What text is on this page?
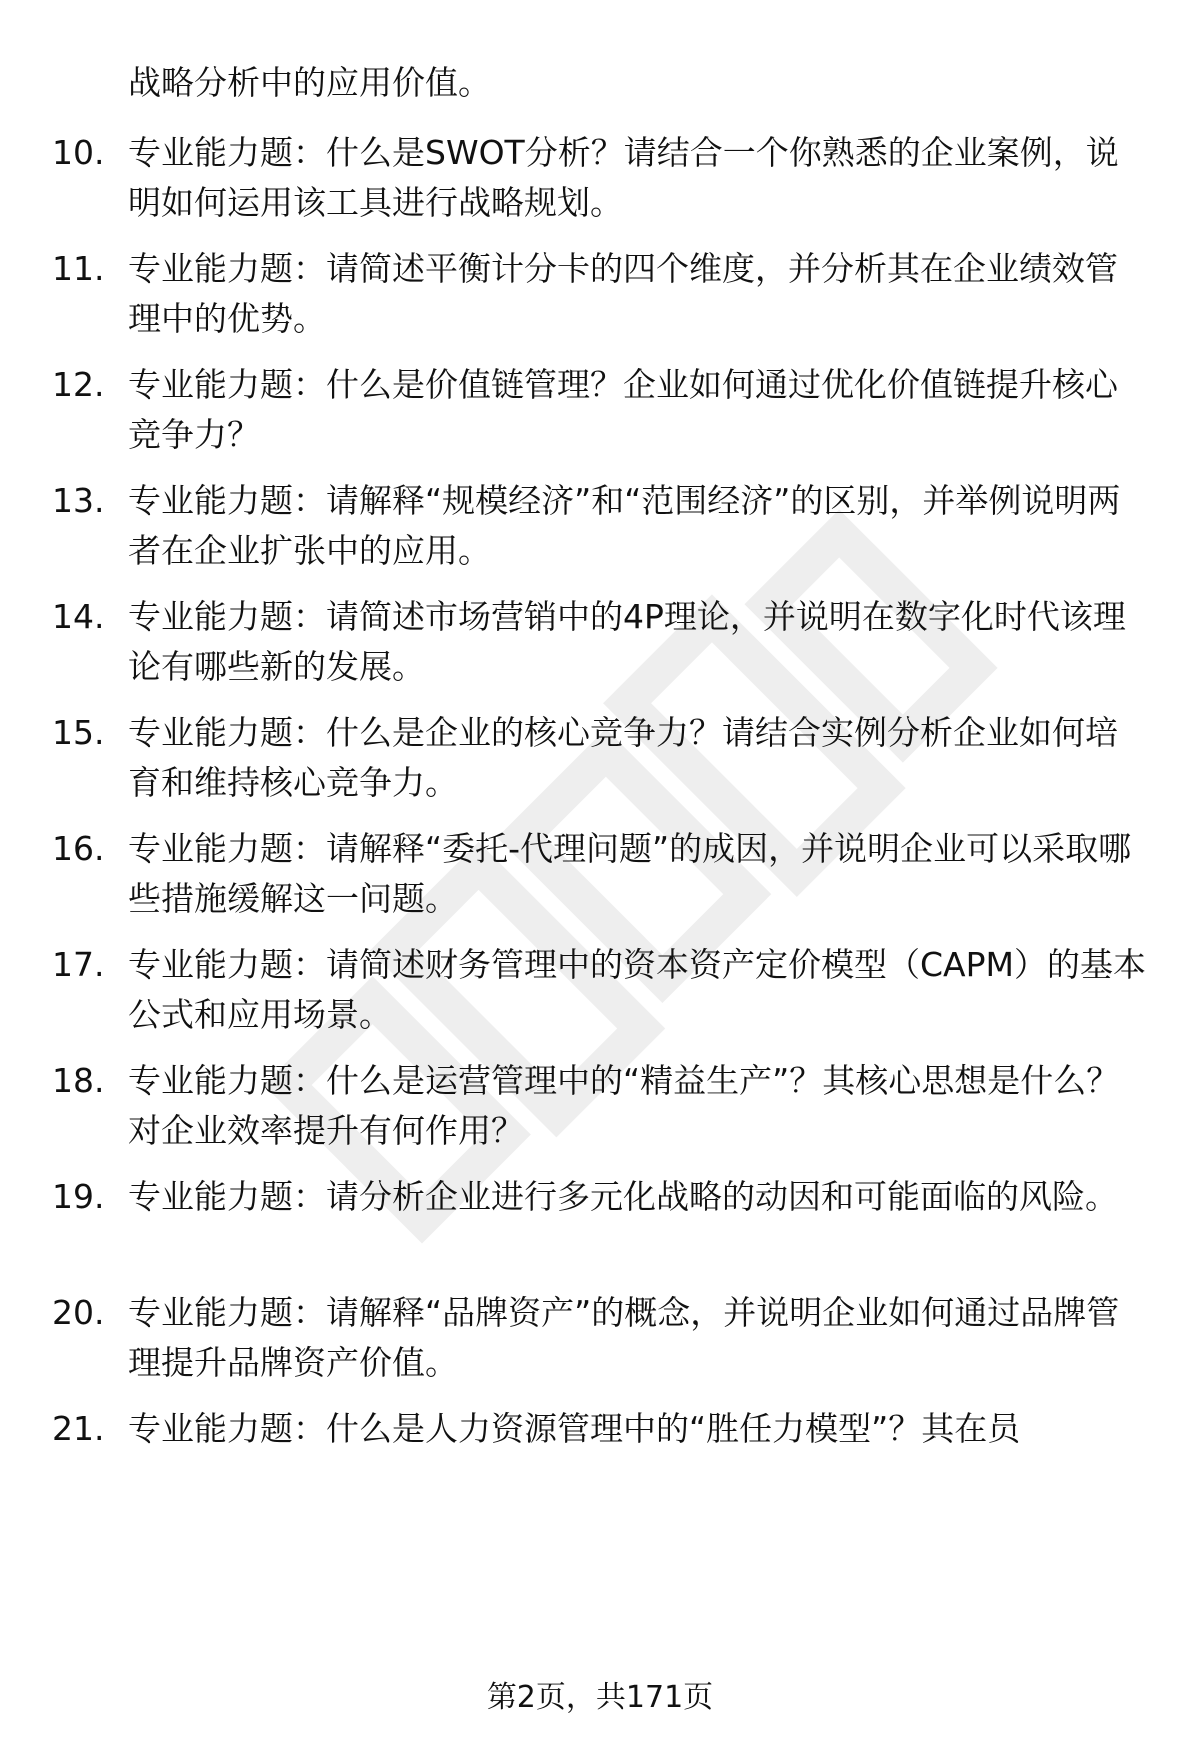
战略分析中的应用价值。
10. 专业能力题：什么是SWOT分析？请结合一个你熟悉的企业案例，说明如何运用该工具进行战略规划。
11. 专业能力题：请简述平衡计分卡的四个维度，并分析其在企业绩效管理中的优势。
12. 专业能力题：什么是价值链管理？企业如何通过优化价值链提升核心竞争力？
13. 专业能力题：请解释“规模经济”和“范围经济”的区别，并举例说明两者在企业扩张中的应用。
14. 专业能力题：请简述市场营销中的4P理论，并说明在数字化时代该理论有哪些新的发展。
15. 专业能力题：什么是企业的核心竞争力？请结合实例分析企业如何培育和维持核心竞争力。
16. 专业能力题：请解释“委托-代理问题”的成因，并说明企业可以采取哪些措施缓解这一问题。
17. 专业能力题：请简述财务管理中的资本资产定价模型（CAPM）的基本公式和应用场景。
18. 专业能力题：什么是运营管理中的“精益生产”？其核心思想是什么？对企业效率提升有何作用？
19. 专业能力题：请分析企业进行多元化战略的动因和可能面临的风险。
20. 专业能力题：请解释“品牌资产”的概念，并说明企业如何通过品牌管理提升品牌资产价值。
21. 专业能力题：什么是人力资源管理中的“胜任力模型”？其在员
第2页，共171页
